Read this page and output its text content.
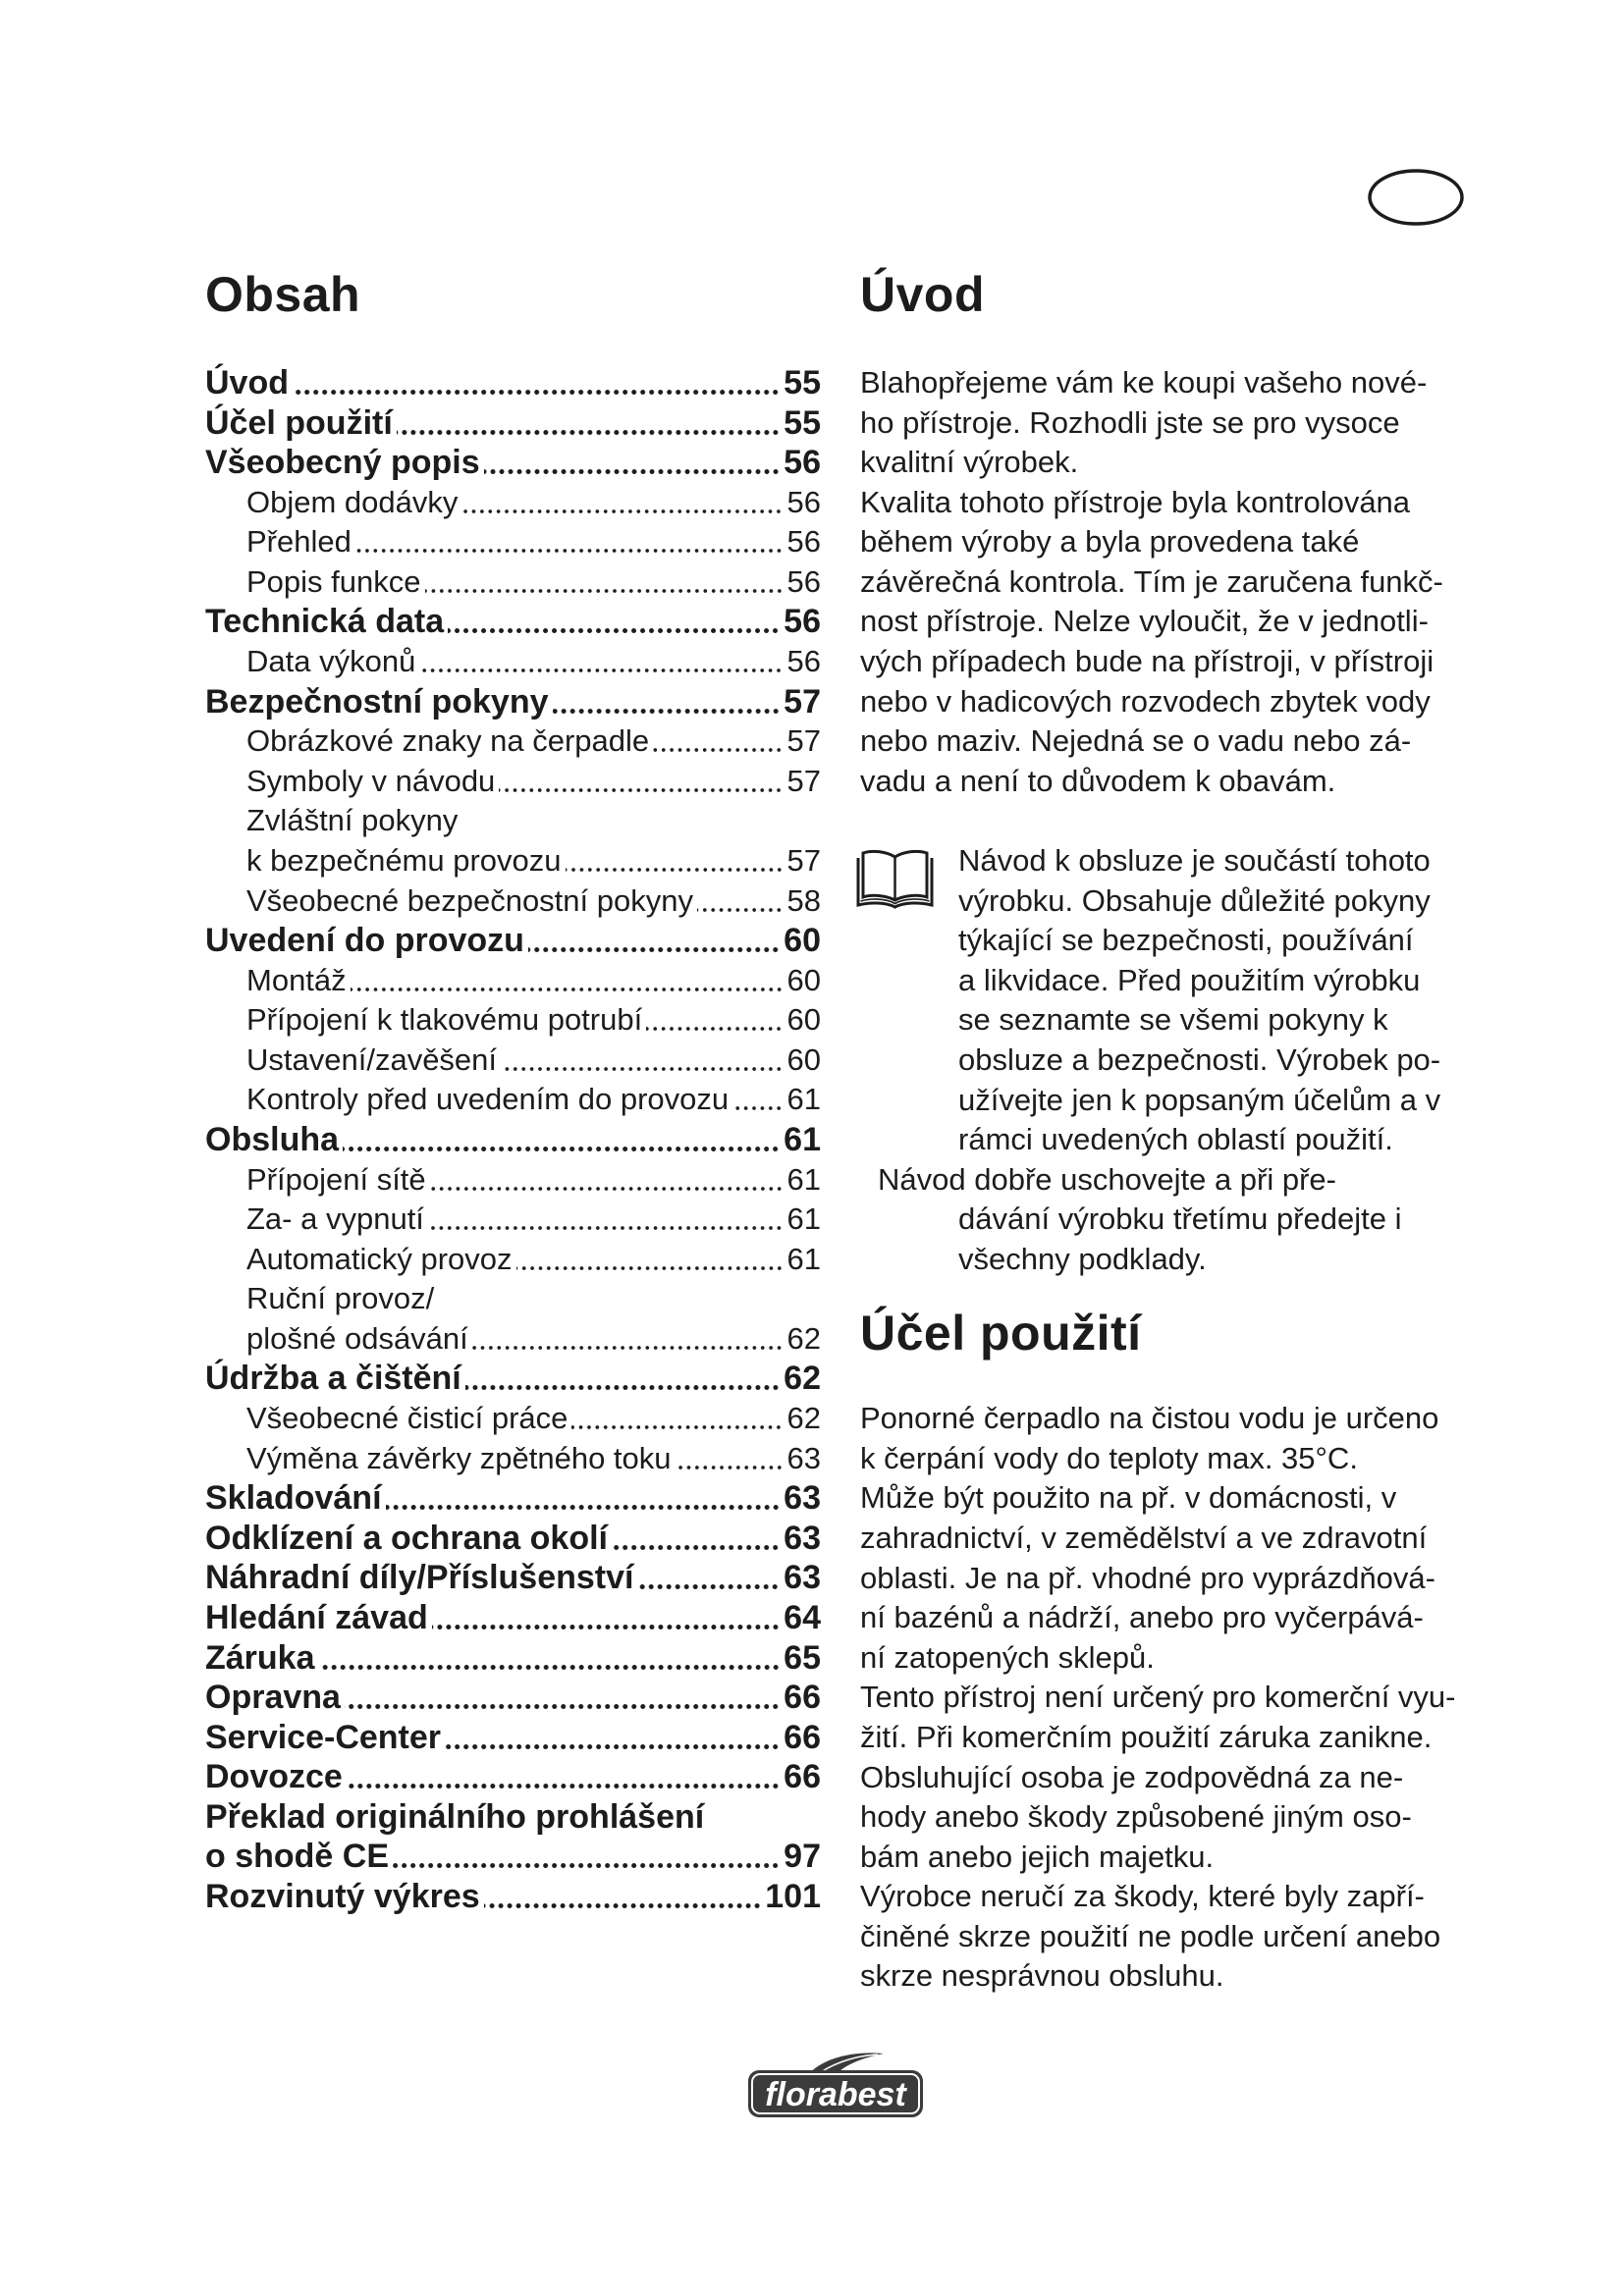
Obsah	Úvod
Účel použití
Úvod	55
Účel použití	55
Všeobecný popis	56
Objem dodávky	56
Přehled	56
Popis funkce	56
Technická data	56
Data výkonů	56
Bezpečnostní pokyny	57
Obrázkové znaky na čerpadle	57
Symboly v návodu	57
Zvláštní pokyny
k bezpečnému provozu	57
Všeobecné bezpečnostní pokyny	58
Uvedení do provozu	60
Montáž	60
Přípojení k tlakovému potrubí	60
Ustavení/zavěšení	60
Kontroly před uvedením do provozu 61
Obsluha	61
Přípojení sítě	61
Za- a vypnutí	61
Automatický provoz	61
Ruční provoz/
plošné odsávání	62
Údržba a čištění	62
Všeobecné čisticí práce	62
Výměna závěrky zpětného toku	63
Skladování	63
Odklízení a ochrana okolí	63
Náhradní díly/Příslušenství	63
Hledání závad	64
Záruka	65
Opravna	66
Service-Center	66
Dovozce	66
Překlad originálního prohlášení
o shodě CE	97
Rozvinutý výkres	101
Blahopřejeme vám ke koupi vašeho nové-
ho přístroje. Rozhodli jste se pro vysoce
kvalitní výrobek.
Kvalita tohoto přístroje byla kontrolována
během výroby a byla provedena také
závěrečná kontrola. Tím je zaručena funkč-
nost přístroje. Nelze vyloučit, že v jednotli-
vých případech bude na přístroji, v přístroji
nebo v hadicových rozvodech zbytek vody
nebo maziv. Nejedná se o vadu nebo zá-
vadu a není to důvodem k obavám.
Návod k obsluze je součástí tohoto
výrobku. Obsahuje důležité pokyny
týkající se bezpečnosti, používání
a likvidace. Před použitím výrobku
se seznamte se všemi pokyny k
obsluze a bezpečnosti. Výrobek po-
užívejte jen k popsaným účelům a v
rámci uvedených oblastí použití.
Návod dobře uschovejte a při pře-
dávání výrobku třetímu předejte i
všechny podklady.
Ponorné čerpadlo na čistou vodu je určeno
k čerpání vody do teploty max. 35°C.
Může být použito na př. v domácnosti, v
zahradnictví, v zemědělství a ve zdravotní
oblasti. Je na př. vhodné pro vyprázdňová-
ní bazénů a nádrží, anebo pro vyčerpává-
ní zatopených sklepů.
Tento přístroj není určený pro komerční vyu-
žití. Při komerčním použití záruka zanikne.
Obsluhující osoba je zodpovědná za ne-
hody anebo škody způsobené jiným oso-
bám anebo jejich majetku.
Výrobce neručí za škody, které byly zapří-
činěné skrze použití ne podle určení anebo
skrze nesprávnou obsluhu.
florabest
